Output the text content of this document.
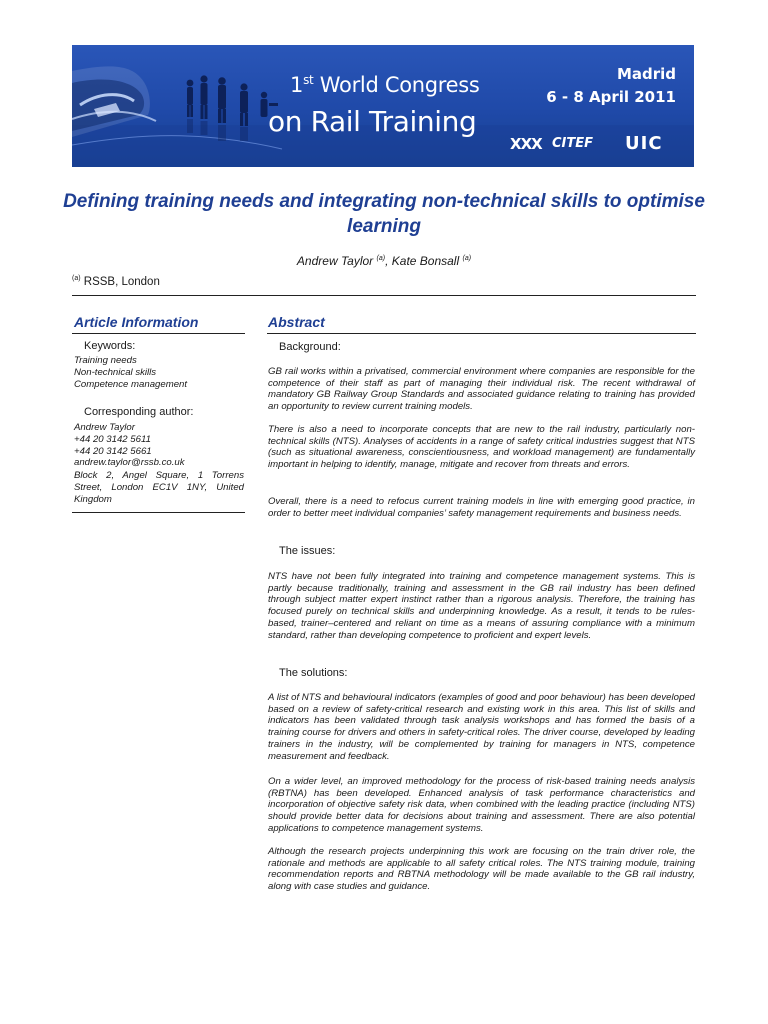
1st World Congress
on Rail Training
Madrid
6 - 8 April 2011
XXX CITEF UIC
Defining training needs and integrating non-technical skills to optimise learning
Andrew Taylor $^{(a)}$, Kate Bonsall $^{(a)}$
$^{(a)}$ RSSB, London
Article Information
Keywords:
Training needs
Non-technical skills
Competence management
Corresponding author:
Andrew Taylor
+44 20 3142 5611
+44 20 3142 5661
andrew.taylor@rssb.co.uk
Block 2, Angel Square, 1 Torrens Street, London EC1V 1NY, United Kingdom
Abstract
Background:

GB rail works within a privatised, commercial environment where companies are responsible for the competence of their staff as part of managing their individual risk. The recent withdrawal of mandatory GB Railway Group Standards and associated guidance relating to training has provided an opportunity to review current training models.

There is also a need to incorporate concepts that are new to the rail industry, particularly non-technical skills (NTS). Analyses of accidents in a range of safety critical industries suggest that NTS (such as situational awareness, conscientiousness, and workload management) are fundamentally important in helping to identify, manage, mitigate and recover from threats and errors.

Overall, there is a need to refocus current training models in line with emerging good practice, in order to better meet individual companies’ safety management requirements and business needs.

The issues:

NTS have not been fully integrated into training and competence management systems. This is partly because traditionally, training and assessment in the GB rail industry has been defined through subject matter expert instinct rather than a rigorous analysis. Therefore, the training has focused purely on technical skills and underpinning knowledge. As a result, it tends to be rules-based, trainer–centered and reliant on time as a means of assuring compliance with a minimum standard, rather than developing competence to proficient and expert levels.

The solutions:

A list of NTS and behavioural indicators (examples of good and poor behaviour) has been developed based on a review of safety-critical research and existing work in this area. This list of skills and indicators has been validated through task analysis workshops and has formed the basis of a training course for drivers and others in safety-critical roles. The driver course, developed by leading trainers in the industry, will be complemented by training for managers in NTS, competence measurement and feedback.

On a wider level, an improved methodology for the process of risk-based training needs analysis (RBTNA) has been developed. Enhanced analysis of task performance characteristics and incorporation of objective safety risk data, when combined with the leading practice (including NTS) should provide better data for decisions about training and assessment. There are also potential applications to competence management systems.

Although the research projects underpinning this work are focusing on the train driver role, the rationale and methods are applicable to all safety critical roles. The NTS training module, training recommendation reports and RBTNA methodology will be made available to the GB rail industry, along with case studies and guidance.
